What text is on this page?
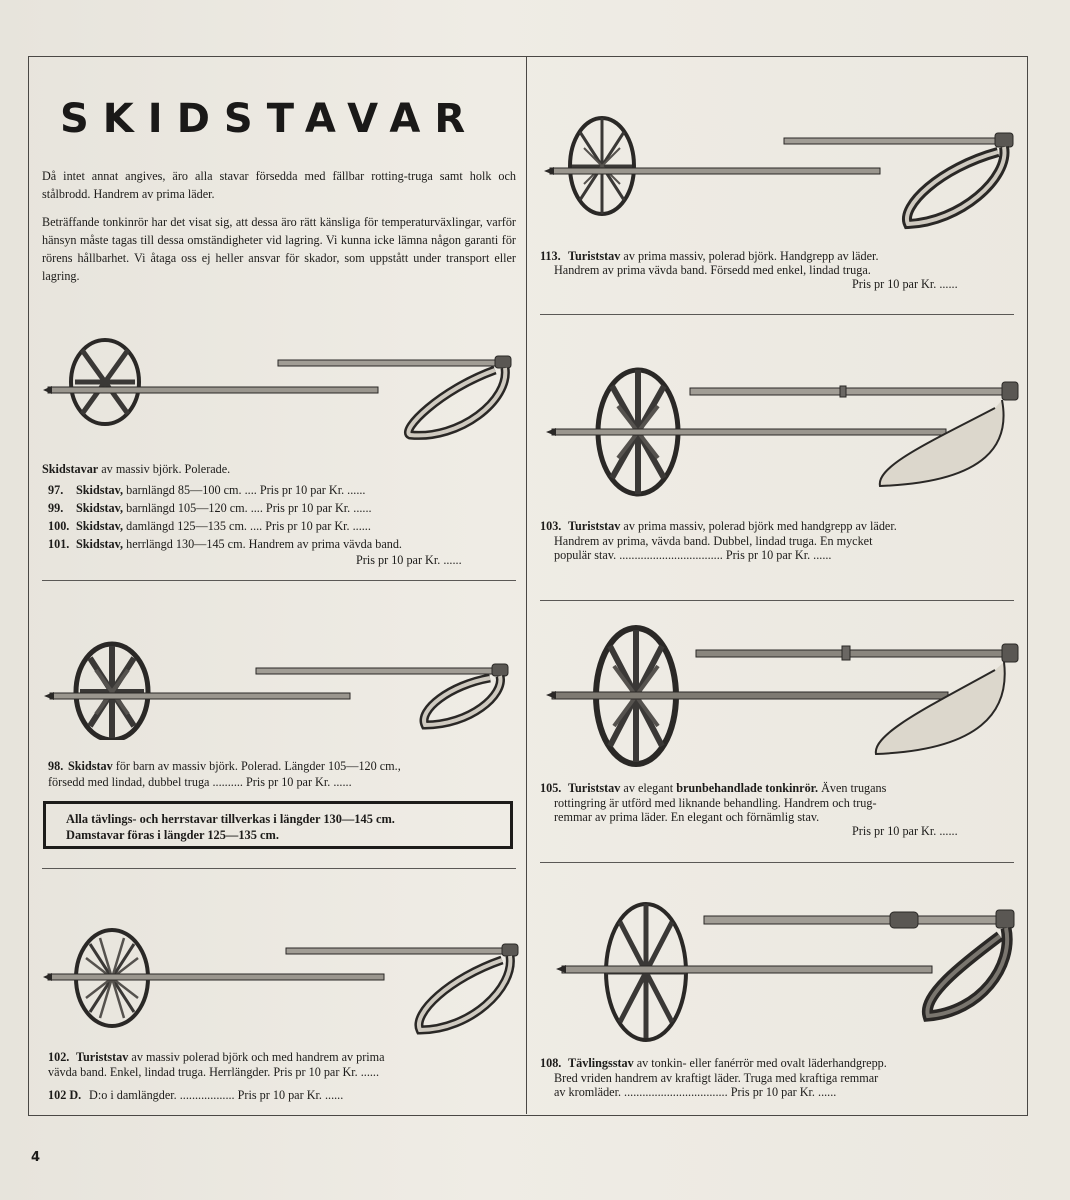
SKIDSTAVAR

Då intet annat angives, äro alla stavar försedda med fällbar rotting-truga samt holk och stålbrodd. Handrem av prima läder.

Beträffande tonkinrör har det visat sig, att dessa äro rätt känsliga för temperaturväxlingar, varför hänsyn måste tagas till dessa omständigheter vid lagring. Vi kunna icke lämna någon garanti för rörens hållbarhet. Vi åtaga oss ej heller ansvar för skador, som uppstått under transport eller lagring.

Skidstavar av massiv björk. Polerade.
97. Skidstav, barnlängd 85—100 cm. .... Pris pr 10 par Kr. ......
99. Skidstav, barnlängd 105—120 cm. .... Pris pr 10 par Kr. ......
100. Skidstav, damlängd 125—135 cm. .... Pris pr 10 par Kr. ......
101. Skidstav, herrlängd 130—145 cm. Handrem av prima vävda band.
Pris pr 10 par Kr. ......
98. Skidstav för barn av massiv björk. Polerad. Längder 105—120 cm.,
försedd med lindad, dubbel truga .......... Pris pr 10 par Kr. ......
Alla tävlings- och herrstavar tillverkas i längder 130—145 cm.
Damstavar föras i längder 125—135 cm.
102. Turiststav av massiv polerad björk och med handrem av prima
vävda band. Enkel, lindad truga. Herrlängder. Pris pr 10 par Kr. ......
102 D. D:o i damlängder. .................. Pris pr 10 par Kr. ......
113. Turiststav av prima massiv, polerad björk. Handgrepp av läder.
Handrem av prima vävda band. Försedd med enkel, lindad truga.
Pris pr 10 par Kr. ......
103. Turiststav av prima massiv, polerad björk med handgrepp av läder.
Handrem av prima, vävda band. Dubbel, lindad truga. En mycket
populär stav. .................................. Pris pr 10 par Kr. ......
105. Turiststav av elegant brunbehandlade tonkinrör. Även trugans
rottingring är utförd med liknande behandling. Handrem och trug-
remmar av prima läder. En elegant och förnämlig stav.
Pris pr 10 par Kr. ......
108. Tävlingsstav av tonkin- eller fanérrör med ovalt läderhandgrepp.
Bred vriden handrem av kraftigt läder. Truga med kraftiga remmar
av kromläder. .................................. Pris pr 10 par Kr. ......
4
